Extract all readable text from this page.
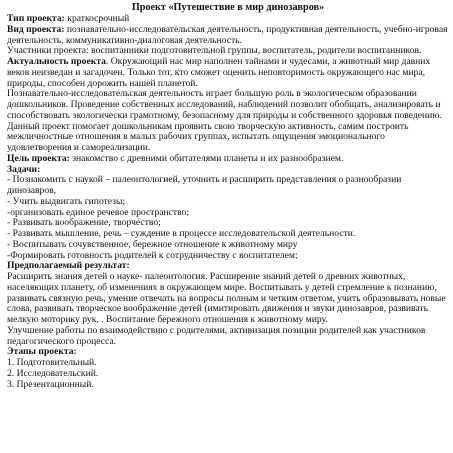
Проект «Путешествие в мир динозавров»

Тип проекта: краткосрочный

Вид проекта: познавательно-исследовательская деятельность, продуктивная деятельность, учебно-игровая деятельность, коммуникативно-диалоговая деятельность.

Участники проекта: воспитанники подготовительной группы, воспитатель, родители воспитанников.

Актуальность проекта. Окружающий нас мир наполнен тайнами и чудесами, а животный мир давних веков неизведан и загадочен. Только тот, кто сможет оценить неповторимость окружающего нас мира, природы, способен дорожить нашей планетой.

Познавательно-исследовательская деятельность играет большую роль в экологическом образовании дошкольников. Проведение собственных исследований, наблюдений позволит обобщать, анализировать и способствовать экологически грамотному, безопасному для природы и собственного здоровья поведению.

Данный проект помогает дошкольникам проявить свою творческую активность, самим построить межличностные отношения в малых рабочих группах, испытать ощущения эмоционального удовлетворения и самореализации.

Цель проекта: знакомство с древними обитателями планеты и их разнообразием.

Задачи:

- Познакомить с наукой – палеонтологией, уточнить и расширить представления о разнообразии динозавров,

- Учить выдвигать гипотезы;

-организовать единое речевое пространство;

- Развивать воображение, творчество;

- Развивать мышление, речь – суждение в процессе исследовательской деятельности.

- Воспитывать сочувственное, бережное отношение к животному миру

-Формировать готовность родителей к сотрудничеству с воспитателем;

Предполагаемый результат:

Расширить знания детей о науке- палеонтология. Расширение знаний детей о древних животных, населяющих планету, об изменениях в окружающем мире. Воспитывать у детей стремление к познанию, развивать связную речь, умение отвечать на вопросы полным и четким ответом, учить образовывать новые слова, развивать творческое воображение детей (имитировать движения и звуки динозавров, развивать мелкую моторику рук, . Воспитание бережного отношения к животному миру.

Улучшение работы по взаимодействию с родителями, активизация позиции родителей как участников педагогического процесса.

Этапы проекта:

1. Подготовительный.

2. Исследовательский.

3. Презентационный.
